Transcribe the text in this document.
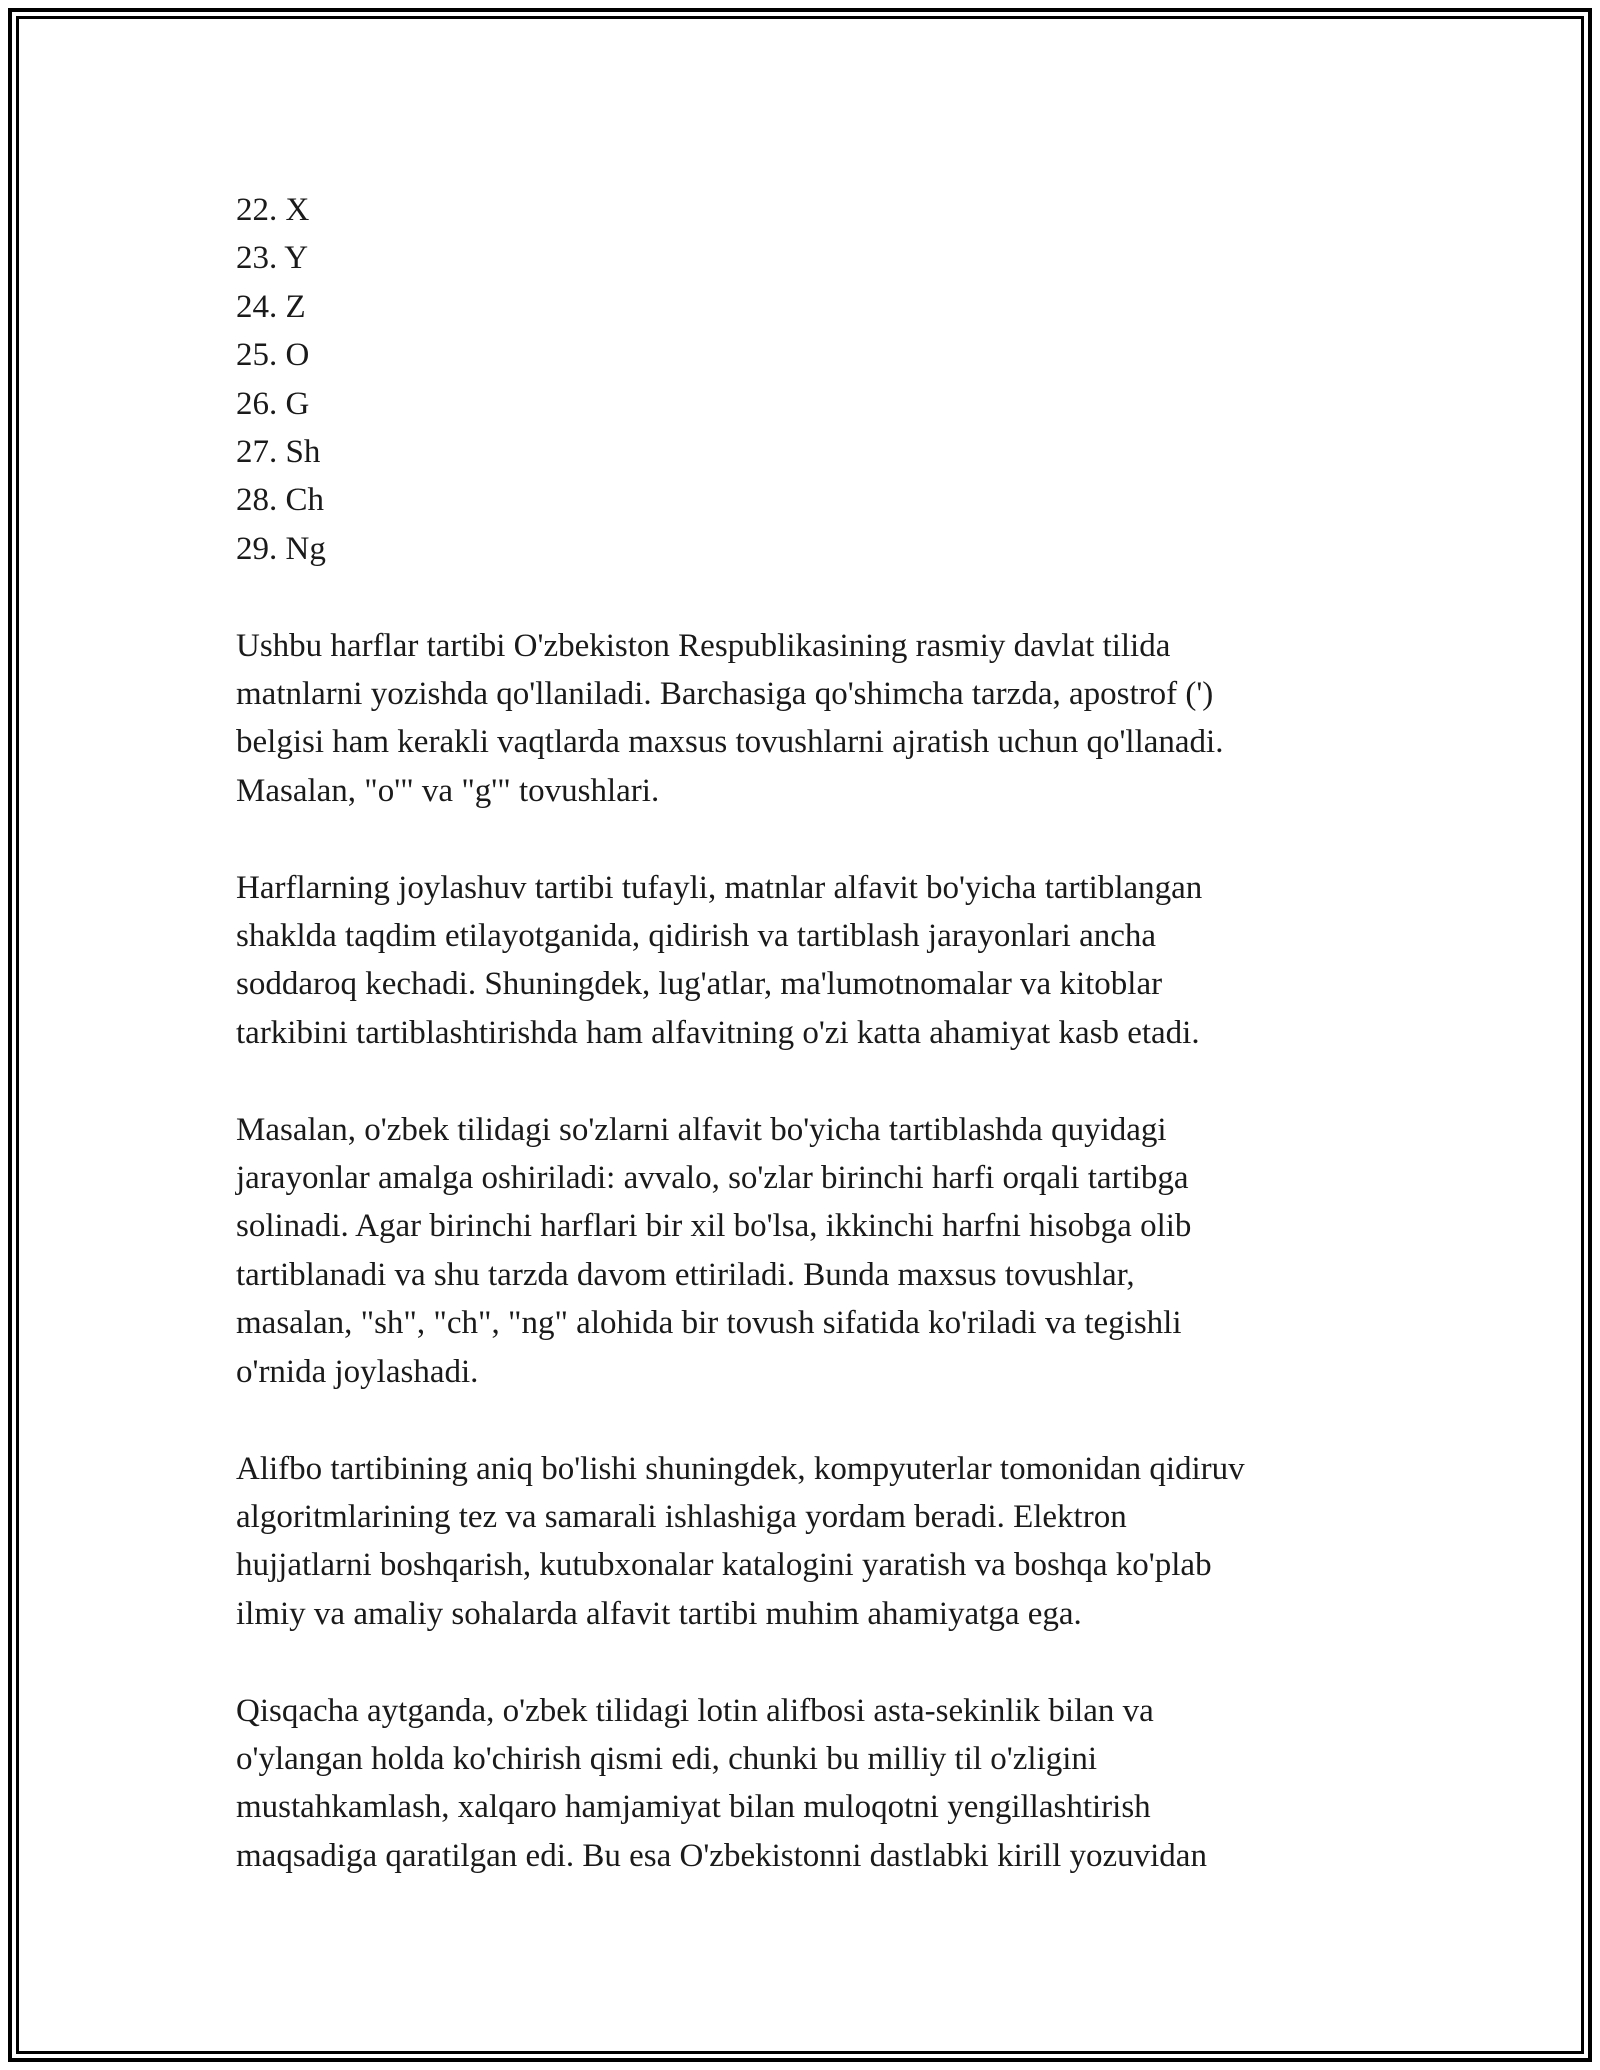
22. X
23. Y
24. Z
25. O
26. G
27. Sh
28. Ch
29. Ng

Ushbu harflar tartibi O'zbekiston Respublikasining rasmiy davlat tilida
matnlarni yozishda qo'llaniladi. Barchasiga qo'shimcha tarzda, apostrof (')
belgisi ham kerakli vaqtlarda maxsus tovushlarni ajratish uchun qo'llanadi.
Masalan, "o'" va "g'" tovushlari.

Harflarning joylashuv tartibi tufayli, matnlar alfavit bo'yicha tartiblangan
shaklda taqdim etilayotganida, qidirish va tartiblash jarayonlari ancha
soddaroq kechadi. Shuningdek, lug'atlar, ma'lumotnomalar va kitoblar
tarkibini tartiblashtirishda ham alfavitning o'zi katta ahamiyat kasb etadi.

Masalan, o'zbek tilidagi so'zlarni alfavit bo'yicha tartiblashda quyidagi
jarayonlar amalga oshiriladi: avvalo, so'zlar birinchi harfi orqali tartibga
solinadi. Agar birinchi harflari bir xil bo'lsa, ikkinchi harfni hisobga olib
tartiblanadi va shu tarzda davom ettiriladi. Bunda maxsus tovushlar,
masalan, "sh", "ch", "ng" alohida bir tovush sifatida ko'riladi va tegishli
o'rnida joylashadi.

Alifbo tartibining aniq bo'lishi shuningdek, kompyuterlar tomonidan qidiruv
algoritmlarining tez va samarali ishlashiga yordam beradi. Elektron
hujjatlarni boshqarish, kutubxonalar katalogini yaratish va boshqa ko'plab
ilmiy va amaliy sohalarda alfavit tartibi muhim ahamiyatga ega.

Qisqacha aytganda, o'zbek tilidagi lotin alifbosi asta-sekinlik bilan va
o'ylangan holda ko'chirish qismi edi, chunki bu milliy til o'zligini
mustahkamlash, xalqaro hamjamiyat bilan muloqotni yengillashtirish
maqsadiga qaratilgan edi. Bu esa O'zbekistonni dastlabki kirill yozuvidan
